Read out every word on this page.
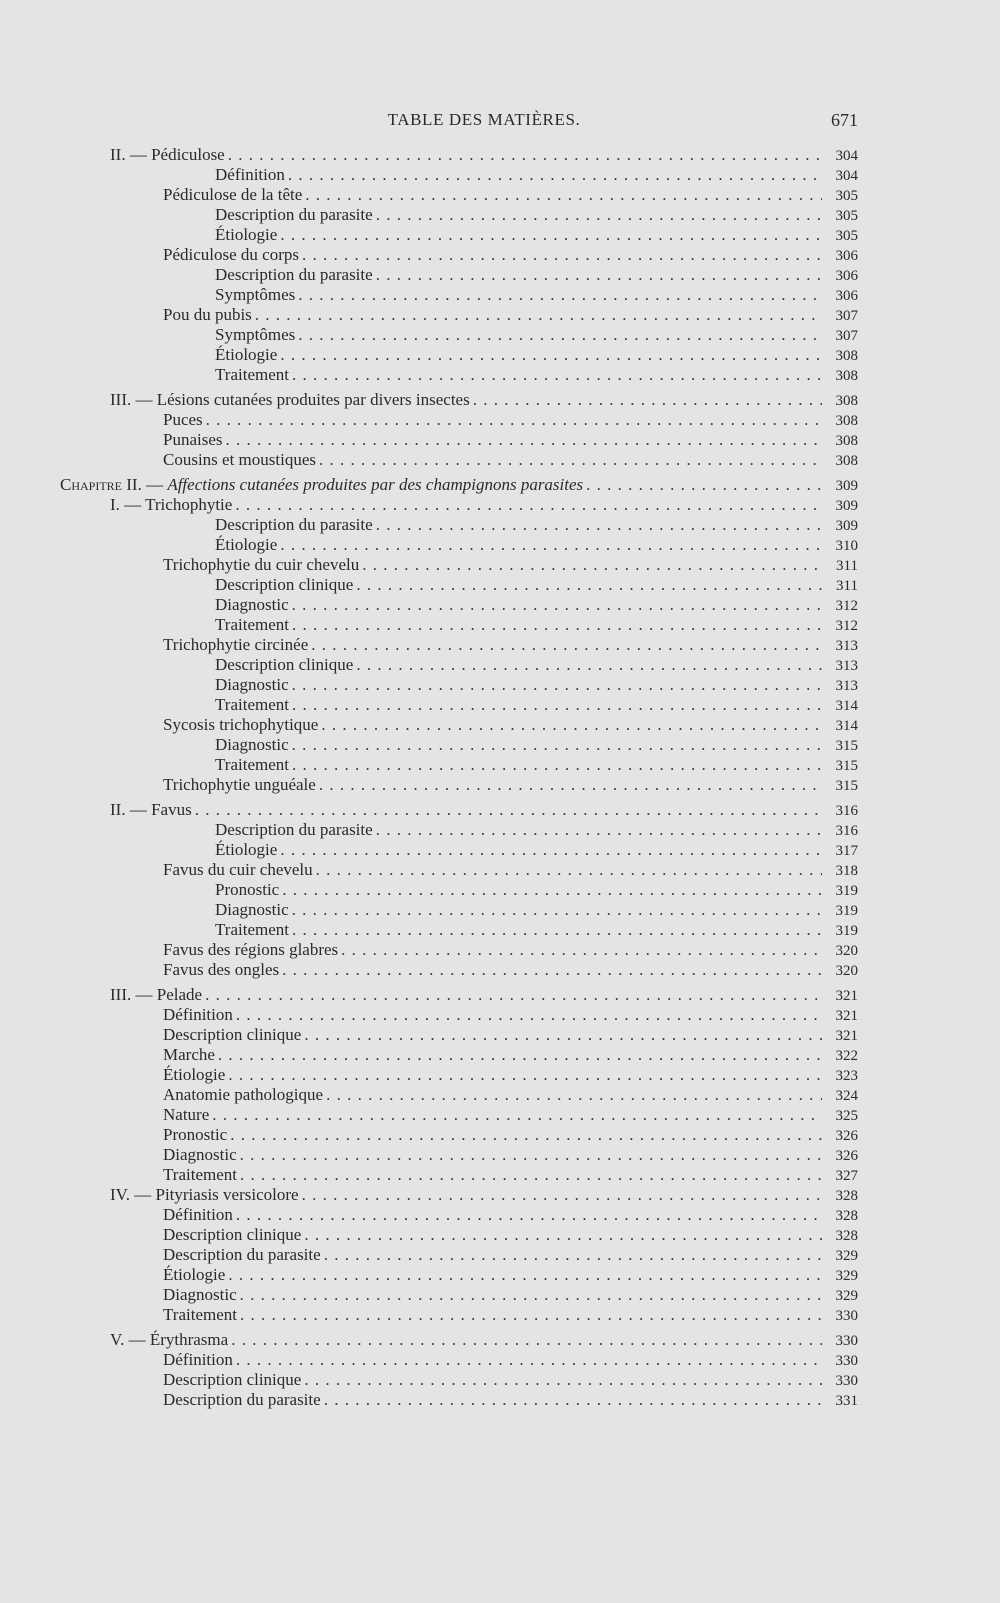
TABLE DES MATIÈRES.	671
II. — Pédiculose . . .	304
Définition . . .	304
Pédiculose de la tête . . .	305
Description du parasite . . .	305
Étiologie . . .	305
Pédiculose du corps . . .	306
Description du parasite . . .	306
Symptômes . . .	306
Pou du pubis . . .	307
Symptômes . . .	307
Étiologie . . .	308
Traitement . . .	308
III. — Lésions cutanées produites par divers insectes . . .	308
Puces . . .	308
Punaises . . .	308
Cousins et moustiques . . .	308
Chapitre II. — Affections cutanées produites par des champignons parasites . . .	309
I. — Trichophytie . . .	309
Description du parasite . . .	309
Étiologie . . .	310
Trichophytie du cuir chevelu . . .	311
Description clinique . . .	311
Diagnostic . . .	312
Traitement . . .	312
Trichophytie circinée . . .	313
Description clinique . . .	313
Diagnostic . . .	313
Traitement . . .	314
Sycosis trichophytique . . .	314
Diagnostic . . .	315
Traitement . . .	315
Trichophytie unguéale . . .	315
II. — Favus . . .	316
Description du parasite . . .	316
Étiologie . . .	317
Favus du cuir chevelu . . .	318
Pronostic . . .	319
Diagnostic . . .	319
Traitement . . .	319
Favus des régions glabres . . .	320
Favus des ongles . . .	320
III. — Pelade . . .	321
Définition . . .	321
Description clinique . . .	321
Marche . . .	322
Étiologie . . .	323
Anatomie pathologique . . .	324
Nature . . .	325
Pronostic . . .	326
Diagnostic . . .	326
Traitement . . .	327
IV. — Pityriasis versicolore . . .	328
Définition . . .	328
Description clinique . . .	328
Description du parasite . . .	329
Étiologie . . .	329
Diagnostic . . .	329
Traitement . . .	330
V. — Érythrasma . . .	330
Définition . . .	330
Description clinique . . .	330
Description du parasite . . .	331
